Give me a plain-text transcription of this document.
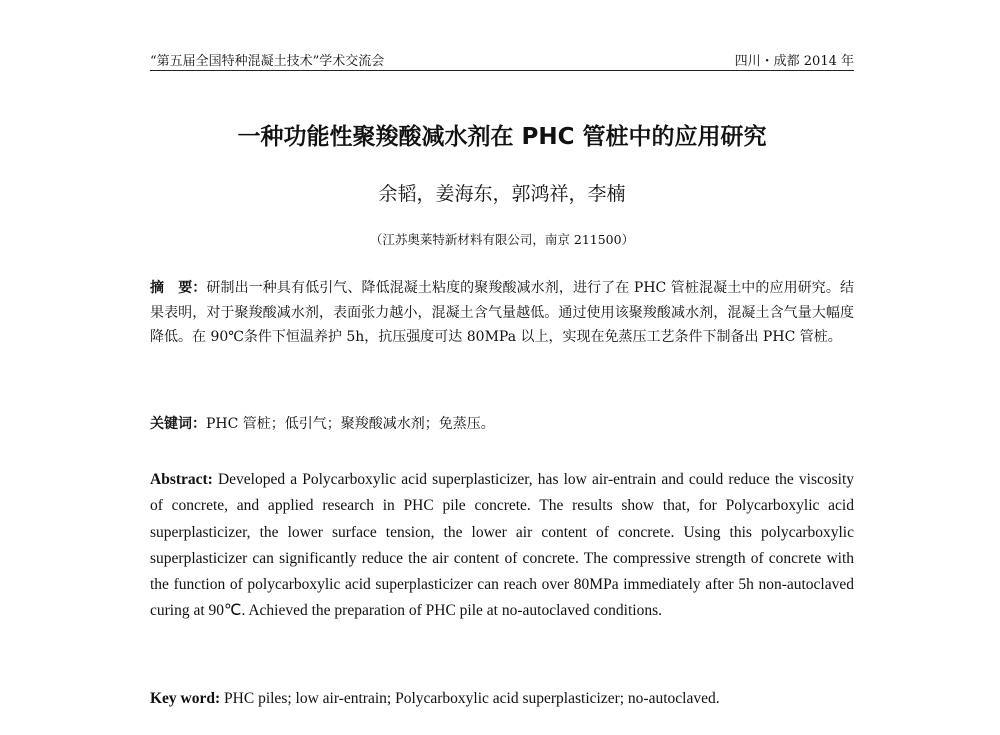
“第五届全国特种混凝土技术”学术交流会	四川・成都 2014 年
一种功能性聚羧酸减水剂在 PHC 管桩中的应用研究
余韬，姜海东，郭鸿祥，李楠
（江苏奥莱特新材料有限公司，南京 211500）
摘　要：研制出一种具有低引气、降低混凝土粘度的聚羧酸减水剂，进行了在 PHC 管桩混凝土中的应用研究。结果表明，对于聚羧酸减水剂，表面张力越小，混凝土含气量越低。通过使用该聚羧酸减水剂，混凝土含气量大幅度降低。在 90℃条件下恒温养护 5h，抗压强度可达 80MPa 以上，实现在免蒸压工艺条件下制备出 PHC 管桩。
关键词：PHC 管桩；低引气；聚羧酸减水剂；免蒸压。
Abstract: Developed a Polycarboxylic acid superplasticizer, has low air-entrain and could reduce the viscosity of concrete, and applied research in PHC pile concrete. The results show that, for Polycarboxylic acid superplasticizer, the lower surface tension, the lower air content of concrete. Using this polycarboxylic superplasticizer can significantly reduce the air content of concrete. The compressive strength of concrete with the function of polycarboxylic acid superplasticizer can reach over 80MPa immediately after 5h non-autoclaved curing at 90℃. Achieved the preparation of PHC pile at no-autoclaved conditions.
Key word: PHC piles; low air-entrain; Polycarboxylic acid superplasticizer; no-autoclaved.
